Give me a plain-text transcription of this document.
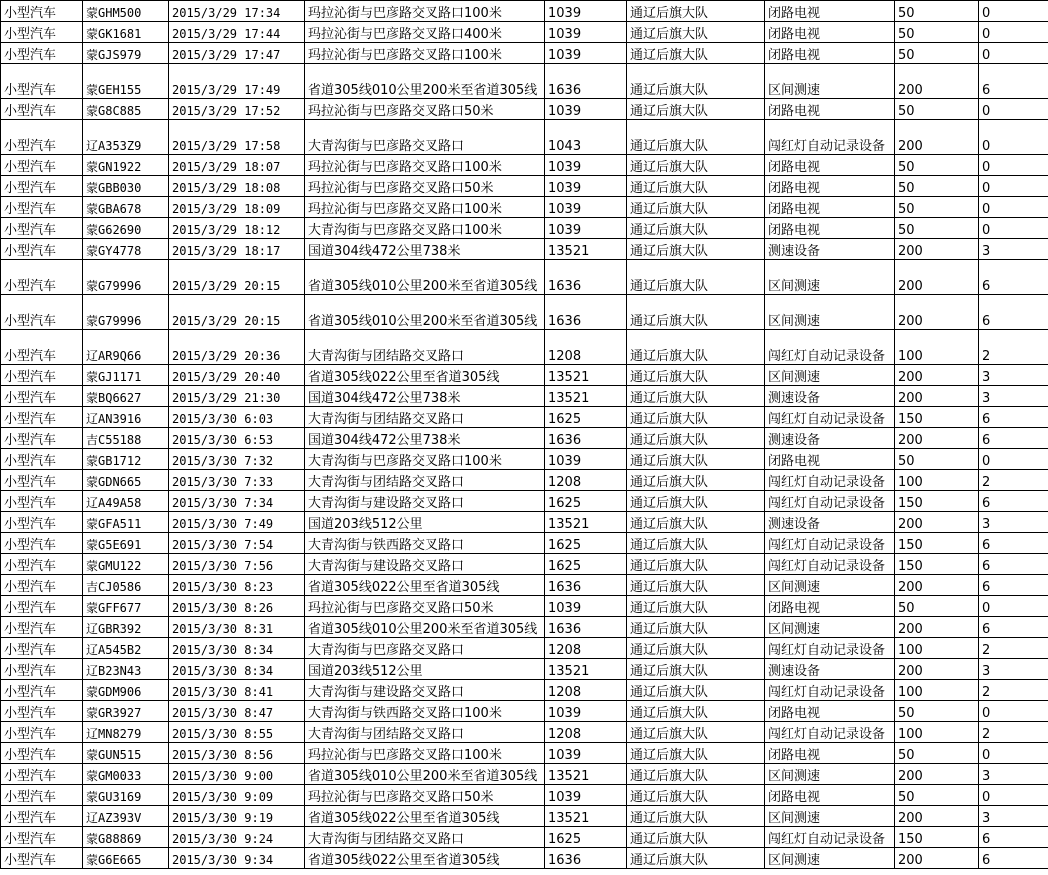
小型汽车	蒙GHM500	2015/3/29 17:34	玛拉沁街与巴彦路交叉路口100米	1039	通辽后旗大队	闭路电视	50	0
小型汽车	蒙GK1681	2015/3/29 17:44	玛拉沁街与巴彦路交叉路口400米	1039	通辽后旗大队	闭路电视	50	0
小型汽车	蒙GJS979	2015/3/29 17:47	玛拉沁街与巴彦路交叉路口100米	1039	通辽后旗大队	闭路电视	50	0
小型汽车	蒙GEH155	2015/3/29 17:49	省道305线010公里200米至省道305线	1636	通辽后旗大队	区间测速	200	6
小型汽车	蒙G8C885	2015/3/29 17:52	玛拉沁街与巴彦路交叉路口50米	1039	通辽后旗大队	闭路电视	50	0
小型汽车	辽A353Z9	2015/3/29 17:58	大青沟街与巴彦路交叉路口	1043	通辽后旗大队	闯红灯自动记录设备	200	0
小型汽车	蒙GN1922	2015/3/29 18:07	玛拉沁街与巴彦路交叉路口100米	1039	通辽后旗大队	闭路电视	50	0
小型汽车	蒙GBB030	2015/3/29 18:08	玛拉沁街与巴彦路交叉路口50米	1039	通辽后旗大队	闭路电视	50	0
小型汽车	蒙GBA678	2015/3/29 18:09	玛拉沁街与巴彦路交叉路口100米	1039	通辽后旗大队	闭路电视	50	0
小型汽车	蒙G62690	2015/3/29 18:12	大青沟街与巴彦路交叉路口100米	1039	通辽后旗大队	闭路电视	50	0
小型汽车	蒙GY4778	2015/3/29 18:17	国道304线472公里738米	13521	通辽后旗大队	测速设备	200	3
小型汽车	蒙G79996	2015/3/29 20:15	省道305线010公里200米至省道305线	1636	通辽后旗大队	区间测速	200	6
小型汽车	蒙G79996	2015/3/29 20:15	省道305线010公里200米至省道305线	1636	通辽后旗大队	区间测速	200	6
小型汽车	辽AR9Q66	2015/3/29 20:36	大青沟街与团结路交叉路口	1208	通辽后旗大队	闯红灯自动记录设备	100	2
小型汽车	蒙GJ1171	2015/3/29 20:40	省道305线022公里至省道305线	13521	通辽后旗大队	区间测速	200	3
小型汽车	蒙BQ6627	2015/3/29 21:30	国道304线472公里738米	13521	通辽后旗大队	测速设备	200	3
小型汽车	辽AN3916	2015/3/30 6:03	大青沟街与团结路交叉路口	1625	通辽后旗大队	闯红灯自动记录设备	150	6
小型汽车	吉C55188	2015/3/30 6:53	国道304线472公里738米	1636	通辽后旗大队	测速设备	200	6
小型汽车	蒙GB1712	2015/3/30 7:32	大青沟街与巴彦路交叉路口100米	1039	通辽后旗大队	闭路电视	50	0
小型汽车	蒙GDN665	2015/3/30 7:33	大青沟街与团结路交叉路口	1208	通辽后旗大队	闯红灯自动记录设备	100	2
小型汽车	辽A49A58	2015/3/30 7:34	大青沟街与建设路交叉路口	1625	通辽后旗大队	闯红灯自动记录设备	150	6
小型汽车	蒙GFA511	2015/3/30 7:49	国道203线512公里	13521	通辽后旗大队	测速设备	200	3
小型汽车	蒙G5E691	2015/3/30 7:54	大青沟街与铁西路交叉路口	1625	通辽后旗大队	闯红灯自动记录设备	150	6
小型汽车	蒙GMU122	2015/3/30 7:56	大青沟街与建设路交叉路口	1625	通辽后旗大队	闯红灯自动记录设备	150	6
小型汽车	吉CJ0586	2015/3/30 8:23	省道305线022公里至省道305线	1636	通辽后旗大队	区间测速	200	6
小型汽车	蒙GFF677	2015/3/30 8:26	玛拉沁街与巴彦路交叉路口50米	1039	通辽后旗大队	闭路电视	50	0
小型汽车	辽GBR392	2015/3/30 8:31	省道305线010公里200米至省道305线	1636	通辽后旗大队	区间测速	200	6
小型汽车	辽A545B2	2015/3/30 8:34	大青沟街与巴彦路交叉路口	1208	通辽后旗大队	闯红灯自动记录设备	100	2
小型汽车	辽B23N43	2015/3/30 8:34	国道203线512公里	13521	通辽后旗大队	测速设备	200	3
小型汽车	蒙GDM906	2015/3/30 8:41	大青沟街与建设路交叉路口	1208	通辽后旗大队	闯红灯自动记录设备	100	2
小型汽车	蒙GR3927	2015/3/30 8:47	大青沟街与铁西路交叉路口100米	1039	通辽后旗大队	闭路电视	50	0
小型汽车	辽MN8279	2015/3/30 8:55	大青沟街与团结路交叉路口	1208	通辽后旗大队	闯红灯自动记录设备	100	2
小型汽车	蒙GUN515	2015/3/30 8:56	玛拉沁街与巴彦路交叉路口100米	1039	通辽后旗大队	闭路电视	50	0
小型汽车	蒙GM0033	2015/3/30 9:00	省道305线010公里200米至省道305线	13521	通辽后旗大队	区间测速	200	3
小型汽车	蒙GU3169	2015/3/30 9:09	玛拉沁街与巴彦路交叉路口50米	1039	通辽后旗大队	闭路电视	50	0
小型汽车	辽AZ393V	2015/3/30 9:19	省道305线022公里至省道305线	13521	通辽后旗大队	区间测速	200	3
小型汽车	蒙G88869	2015/3/30 9:24	大青沟街与团结路交叉路口	1625	通辽后旗大队	闯红灯自动记录设备	150	6
小型汽车	蒙G6E665	2015/3/30 9:34	省道305线022公里至省道305线	1636	通辽后旗大队	区间测速	200	6
